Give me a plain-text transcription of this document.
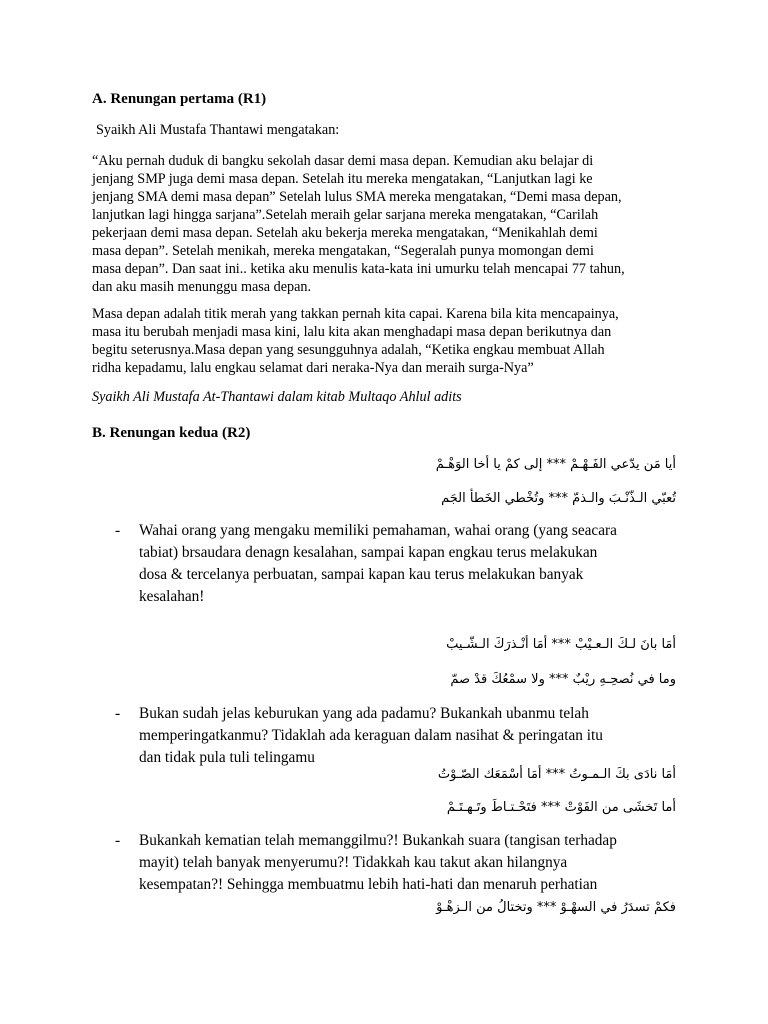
A. Renungan pertama (R1)
Syaikh Ali Mustafa Thantawi mengatakan:
“Aku pernah duduk di bangku sekolah dasar demi masa depan. Kemudian aku belajar di
jenjang SMP juga demi masa depan. Setelah itu mereka mengatakan, “Lanjutkan lagi ke
jenjang SMA demi masa depan” Setelah lulus SMA mereka mengatakan, “Demi masa depan,
lanjutkan lagi hingga sarjana”.Setelah meraih gelar sarjana mereka mengatakan, “Carilah
pekerjaan demi masa depan. Setelah aku bekerja mereka mengatakan, “Menikahlah demi
masa depan”. Setelah menikah, mereka mengatakan, “Segeralah punya momongan demi
masa depan”. Dan saat ini.. ketika aku menulis kata-kata ini umurku telah mencapai 77 tahun,
dan aku masih menunggu masa depan.
Masa depan adalah titik merah yang takkan pernah kita capai. Karena bila kita mencapainya,
masa itu berubah menjadi masa kini, lalu kita akan menghadapi masa depan berikutnya dan
begitu seterusnya.Masa depan yang sesungguhnya adalah, “Ketika engkau membuat Allah
ridha kepadamu, lalu engkau selamat dari neraka-Nya dan meraih surga-Nya”
Syaikh Ali Mustafa At-Thantawi dalam kitab Multaqo Ahlul adits
B. Renungan kedua (R2)
أيا مَن يدّعي الفَـهْـمْ *** إلى كمْ يا أخا الوَهْـمْ
تُعبّي الـذّنْـبَ والـذمّ *** وتُخْطي الخَطأ الجَم
- Wahai orang yang mengaku memiliki pemahaman, wahai orang (yang seacara
tabiat) brsaudara denagn kesalahan, sampai kapan engkau terus melakukan
dosa & tercelanya perbuatan, sampai kapan kau terus melakukan banyak
kesalahan!
أمَا بانَ لـكَ الـعـيْبْ *** أمَا أنْـذرَكَ الـشّـيبْ
وما في نُصحِـهِ ريْبٌ *** ولا سمْعُكَ قدْ صمّ
- Bukan sudah jelas keburukan yang ada padamu? Bukankah ubanmu telah
memperingatkanmu? Tidaklah ada keraguan dalam nasihat & peringatan itu
dan tidak pula tuli telingamu
أمَا نادَى بكَ الـمـوتُ *** أمَا أسْمَعَك الصّـوْتُ
أما تَخشَى من الفَوْتْ *** فتَحْـتـاطَ وتَـهـتَـمْ
- Bukankah kematian telah memanggilmu?! Bukankah suara (tangisan terhadap
mayit) telah banyak menyerumu?! Tidakkah kau takut akan hilangnya
kesempatan?! Sehingga membuatmu lebih hati-hati dan menaruh perhatian
فكمْ تسدَرُ في السهْـوْ *** وتختالُ من الـزهْـوْ
